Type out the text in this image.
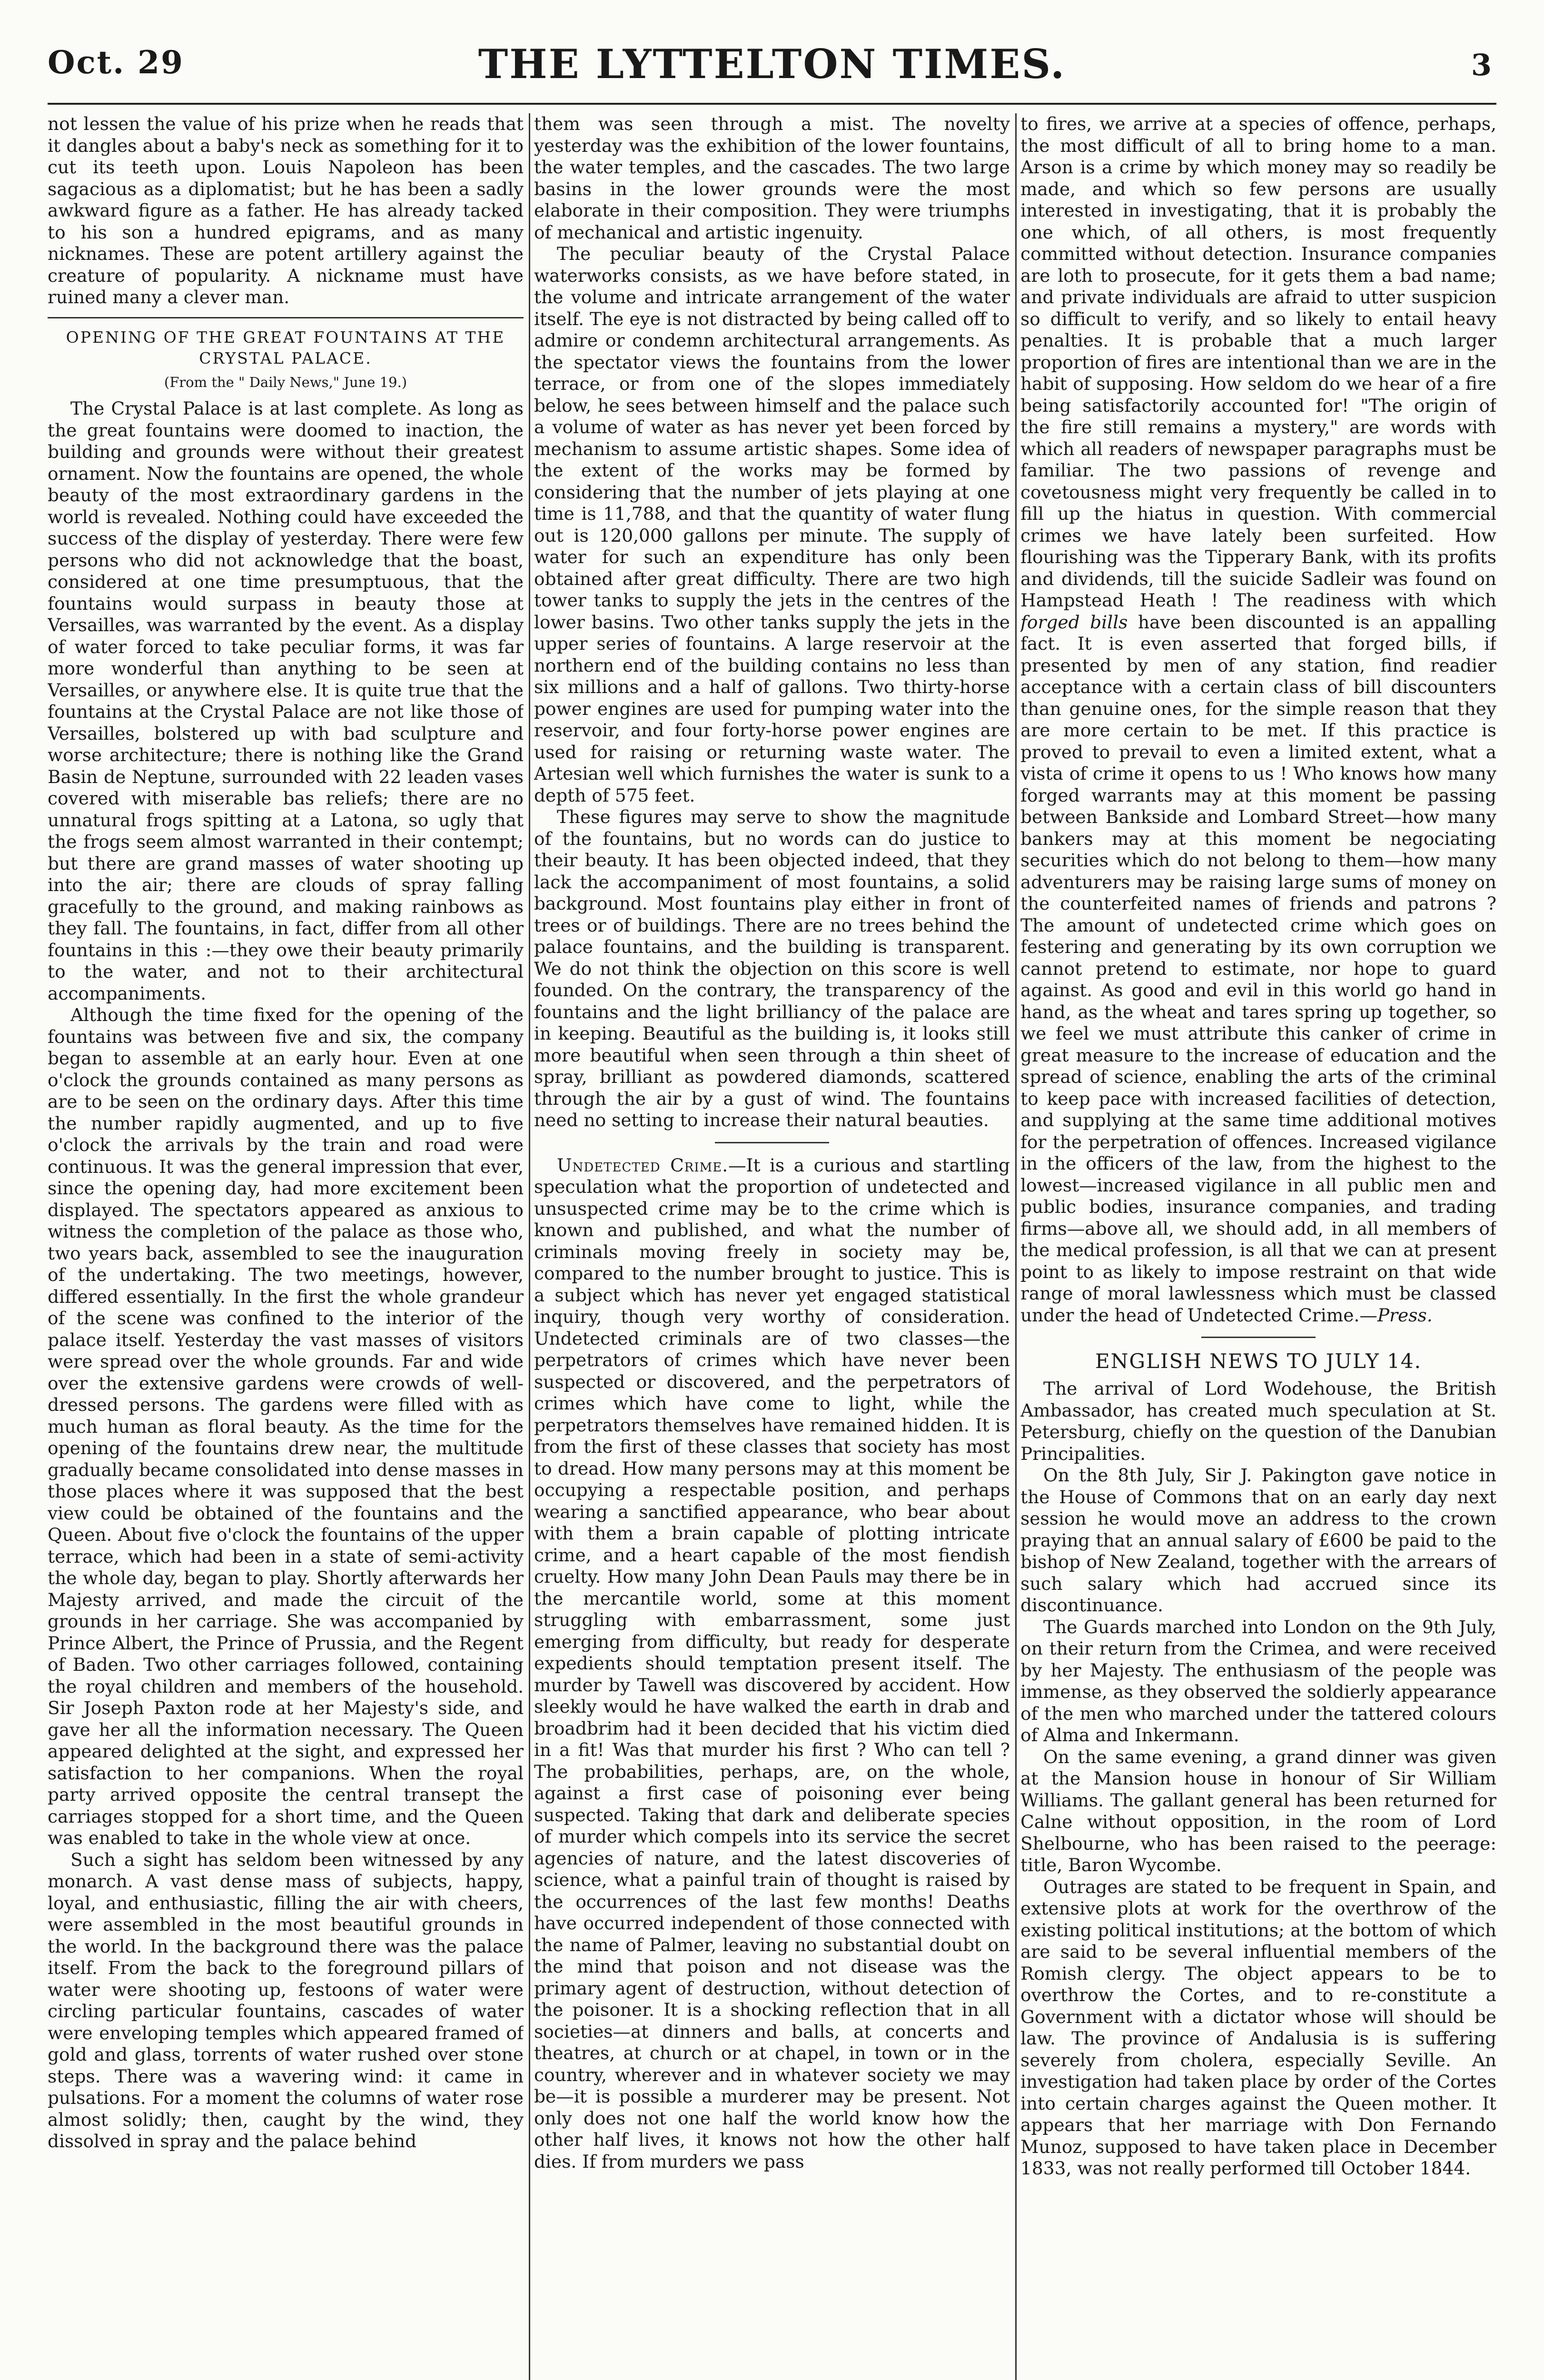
Oct. 29	THE LYTTELTON TIMES.	3

not lessen the value of his prize when he reads that it dangles about a baby's neck as something for it to cut its teeth upon. Louis Napoleon has been sagacious as a diplomatist; but he has been a sadly awkward figure as a father. He has already tacked to his son a hundred epigrams, and as many nicknames. These are potent artillery against the creature of popularity. A nickname must have ruined many a clever man.

OPENING OF THE GREAT FOUNTAINS AT THE CRYSTAL PALACE.
(From the " Daily News," June 19.)

The Crystal Palace is at last complete. As long as the great fountains were doomed to inaction, the building and grounds were without their greatest ornament. Now the fountains are opened, the whole beauty of the most extraordinary gardens in the world is revealed. Nothing could have exceeded the success of the display of yesterday. There were few persons who did not acknowledge that the boast, considered at one time presumptuous, that the fountains would surpass in beauty those at Versailles, was warranted by the event. As a display of water forced to take peculiar forms, it was far more wonderful than anything to be seen at Versailles, or anywhere else. It is quite true that the fountains at the Crystal Palace are not like those of Versailles, bolstered up with bad sculpture and worse architecture; there is nothing like the Grand Basin de Neptune, surrounded with 22 leaden vases covered with miserable bas reliefs; there are no unnatural frogs spitting at a Latona, so ugly that the frogs seem almost warranted in their contempt; but there are grand masses of water shooting up into the air; there are clouds of spray falling gracefully to the ground, and making rainbows as they fall. The fountains, in fact, differ from all other fountains in this :—they owe their beauty primarily to the water, and not to their architectural accompaniments.

Although the time fixed for the opening of the fountains was between five and six, the company began to assemble at an early hour. Even at one o'clock the grounds contained as many persons as are to be seen on the ordinary days. After this time the number rapidly augmented, and up to five o'clock the arrivals by the train and road were continuous. It was the general impression that ever, since the opening day, had more excitement been displayed. The spectators appeared as anxious to witness the completion of the palace as those who, two years back, assembled to see the inauguration of the undertaking. The two meetings, however, differed essentially. In the first the whole grandeur of the scene was confined to the interior of the palace itself. Yesterday the vast masses of visitors were spread over the whole grounds. Far and wide over the extensive gardens were crowds of well-dressed persons. The gardens were filled with as much human as floral beauty. As the time for the opening of the fountains drew near, the multitude gradually became consolidated into dense masses in those places where it was supposed that the best view could be obtained of the fountains and the Queen. About five o'clock the fountains of the upper terrace, which had been in a state of semi-activity the whole day, began to play. Shortly afterwards her Majesty arrived, and made the circuit of the grounds in her carriage. She was accompanied by Prince Albert, the Prince of Prussia, and the Regent of Baden. Two other carriages followed, containing the royal children and members of the household. Sir Joseph Paxton rode at her Majesty's side, and gave her all the information necessary. The Queen appeared delighted at the sight, and expressed her satisfaction to her companions. When the royal party arrived opposite the central transept the carriages stopped for a short time, and the Queen was enabled to take in the whole view at once.

Such a sight has seldom been witnessed by any monarch. A vast dense mass of subjects, happy, loyal, and enthusiastic, filling the air with cheers, were assembled in the most beautiful grounds in the world. In the background there was the palace itself. From the back to the foreground pillars of water were shooting up, festoons of water were circling particular fountains, cascades of water were enveloping temples which appeared framed of gold and glass, torrents of water rushed over stone steps. There was a wavering wind: it came in pulsations. For a moment the columns of water rose almost solidly; then, caught by the wind, they dissolved in spray and the palace behind

them was seen through a mist. The novelty yesterday was the exhibition of the lower fountains, the water temples, and the cascades. The two large basins in the lower grounds were the most elaborate in their composition. They were triumphs of mechanical and artistic ingenuity.

The peculiar beauty of the Crystal Palace waterworks consists, as we have before stated, in the volume and intricate arrangement of the water itself. The eye is not distracted by being called off to admire or condemn architectural arrangements. As the spectator views the fountains from the lower terrace, or from one of the slopes immediately below, he sees between himself and the palace such a volume of water as has never yet been forced by mechanism to assume artistic shapes. Some idea of the extent of the works may be formed by considering that the number of jets playing at one time is 11,788, and that the quantity of water flung out is 120,000 gallons per minute. The supply of water for such an expenditure has only been obtained after great difficulty. There are two high tower tanks to supply the jets in the centres of the lower basins. Two other tanks supply the jets in the upper series of fountains. A large reservoir at the northern end of the building contains no less than six millions and a half of gallons. Two thirty-horse power engines are used for pumping water into the reservoir, and four forty-horse power engines are used for raising or returning waste water. The Artesian well which furnishes the water is sunk to a depth of 575 feet.

These figures may serve to show the magnitude of the fountains, but no words can do justice to their beauty. It has been objected indeed, that they lack the accompaniment of most fountains, a solid background. Most fountains play either in front of trees or of buildings. There are no trees behind the palace fountains, and the building is transparent. We do not think the objection on this score is well founded. On the contrary, the transparency of the fountains and the light brilliancy of the palace are in keeping. Beautiful as the building is, it looks still more beautiful when seen through a thin sheet of spray, brilliant as powdered diamonds, scattered through the air by a gust of wind. The fountains need no setting to increase their natural beauties.

Undetected Crime.—It is a curious and startling speculation what the proportion of undetected and unsuspected crime may be to the crime which is known and published, and what the number of criminals moving freely in society may be, compared to the number brought to justice. This is a subject which has never yet engaged statistical inquiry, though very worthy of consideration. Undetected criminals are of two classes—the perpetrators of crimes which have never been suspected or discovered, and the perpetrators of crimes which have come to light, while the perpetrators themselves have remained hidden. It is from the first of these classes that society has most to dread. How many persons may at this moment be occupying a respectable position, and perhaps wearing a sanctified appearance, who bear about with them a brain capable of plotting intricate crime, and a heart capable of the most fiendish cruelty. How many John Dean Pauls may there be in the mercantile world, some at this moment struggling with embarrassment, some just emerging from difficulty, but ready for desperate expedients should temptation present itself. The murder by Tawell was discovered by accident. How sleekly would he have walked the earth in drab and broadbrim had it been decided that his victim died in a fit! Was that murder his first ? Who can tell ? The probabilities, perhaps, are, on the whole, against a first case of poisoning ever being suspected. Taking that dark and deliberate species of murder which compels into its service the secret agencies of nature, and the latest discoveries of science, what a painful train of thought is raised by the occurrences of the last few months! Deaths have occurred independent of those connected with the name of Palmer, leaving no substantial doubt on the mind that poison and not disease was the primary agent of destruction, without detection of the poisoner. It is a shocking reflection that in all societies—at dinners and balls, at concerts and theatres, at church or at chapel, in town or in the country, wherever and in whatever society we may be—it is possible a murderer may be present. Not only does not one half the world know how the other half lives, it knows not how the other half dies. If from murders we pass

to fires, we arrive at a species of offence, perhaps, the most difficult of all to bring home to a man. Arson is a crime by which money may so readily be made, and which so few persons are usually interested in investigating, that it is probably the one which, of all others, is most frequently committed without detection. Insurance companies are loth to prosecute, for it gets them a bad name; and private individuals are afraid to utter suspicion so difficult to verify, and so likely to entail heavy penalties. It is probable that a much larger proportion of fires are intentional than we are in the habit of supposing. How seldom do we hear of a fire being satisfactorily accounted for! "The origin of the fire still remains a mystery," are words with which all readers of newspaper paragraphs must be familiar. The two passions of revenge and covetousness might very frequently be called in to fill up the hiatus in question. With commercial crimes we have lately been surfeited. How flourishing was the Tipperary Bank, with its profits and dividends, till the suicide Sadleir was found on Hampstead Heath ! The readiness with which forged bills have been discounted is an appalling fact. It is even asserted that forged bills, if presented by men of any station, find readier acceptance with a certain class of bill discounters than genuine ones, for the simple reason that they are more certain to be met. If this practice is proved to prevail to even a limited extent, what a vista of crime it opens to us ! Who knows how many forged warrants may at this moment be passing between Bankside and Lombard Street—how many bankers may at this moment be negociating securities which do not belong to them—how many adventurers may be raising large sums of money on the counterfeited names of friends and patrons ? The amount of undetected crime which goes on festering and generating by its own corruption we cannot pretend to estimate, nor hope to guard against. As good and evil in this world go hand in hand, as the wheat and tares spring up together, so we feel we must attribute this canker of crime in great measure to the increase of education and the spread of science, enabling the arts of the criminal to keep pace with increased facilities of detection, and supplying at the same time additional motives for the perpetration of offences. Increased vigilance in the officers of the law, from the highest to the lowest—increased vigilance in all public men and public bodies, insurance companies, and trading firms—above all, we should add, in all members of the medical profession, is all that we can at present point to as likely to impose restraint on that wide range of moral lawlessness which must be classed under the head of Undetected Crime.—Press.

ENGLISH NEWS TO JULY 14.

The arrival of Lord Wodehouse, the British Ambassador, has created much speculation at St. Petersburg, chiefly on the question of the Danubian Principalities.

On the 8th July, Sir J. Pakington gave notice in the House of Commons that on an early day next session he would move an address to the crown praying that an annual salary of £600 be paid to the bishop of New Zealand, together with the arrears of such salary which had accrued since its discontinuance.

The Guards marched into London on the 9th July, on their return from the Crimea, and were received by her Majesty. The enthusiasm of the people was immense, as they observed the soldierly appearance of the men who marched under the tattered colours of Alma and Inkermann.

On the same evening, a grand dinner was given at the Mansion house in honour of Sir William Williams. The gallant general has been returned for Calne without opposition, in the room of Lord Shelbourne, who has been raised to the peerage: title, Baron Wycombe.

Outrages are stated to be frequent in Spain, and extensive plots at work for the overthrow of the existing political institutions; at the bottom of which are said to be several influential members of the Romish clergy. The object appears to be to overthrow the Cortes, and to re-constitute a Government with a dictator whose will should be law. The province of Andalusia is is suffering severely from cholera, especially Seville. An investigation had taken place by order of the Cortes into certain charges against the Queen mother. It appears that her marriage with Don Fernando Munoz, supposed to have taken place in December 1833, was not really performed till October 1844.
